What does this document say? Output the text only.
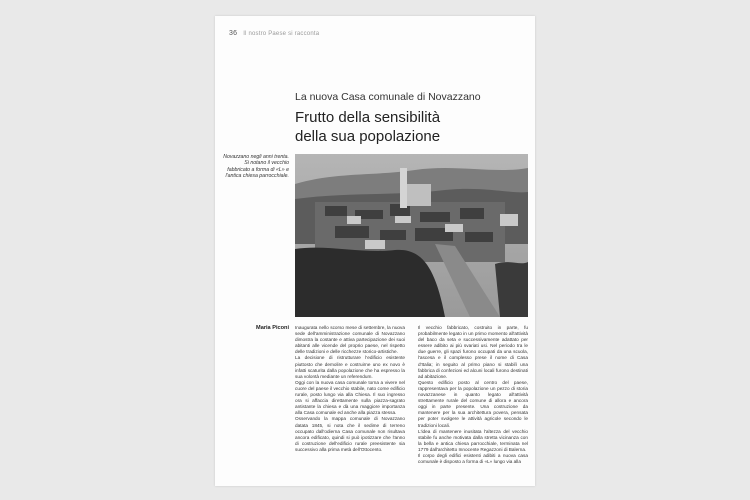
36 Il nostro Paese si racconta
La nuova Casa comunale di Novazzano
Frutto della sensibilità
della sua popolazione
Novazzano negli anni trenta. Si notano il vecchio fabbricato a forma di «L» e l'antica chiesa parrocchiale.
Maria Piconi Inaugurata nello scorso mese di settembre, la nuova sede dell'amministrazione comunale di Novazzano dimostra la costante e attiva partecipazione dei suoi abitanti alle vicende del proprio paese, nel rispetto delle tradizioni e delle ricchezze storico-artistiche.

La decisione di ristrutturare l'edificio esistente piuttosto che demolire e costruirne uno ex novo è infatti scaturita dalla popolazione che ha espresso la sua volontà mediante un referendum.

Oggi con la nuova casa comunale torna a vivere nel cuore del paese il vecchio stabile, nato come edificio rurale, posto lungo via alla Chiesa. Il suo ingresso ora si affaccia direttamente sulla piazza-sagrato antistante la chiesa e dà una maggiore importanza alla Casa comunale ed anche alla piazza stessa.

Osservando la mappa comunale di Novazzano datata 1845, si nota che il sedime di terreno occupato dall'odierna Casa comunale non risultava ancora edificato, quindi si può ipotizzare che l'anno di costruzione dell'edificio rurale preesistente sia successivo alla prima metà dell'Ottocento.

Il vecchio fabbricato, costruito in parte, fu probabilmente legato in un primo momento all'attività del baco da seta e successivamente adattato per essere adibito ai più svariati usi. Nel periodo tra le due guerre, gli spazi furono occupati da una scuola, l'ascesa e il complesso prese il nome di Casa d'Italia; in seguito al primo piano si stabilì una fabbrica di confezioni ed alcuni locali furono destinati ad abitazione.

Questo edificio posto al centro del paese, rappresentava per la popolazione un pezzo di storia novazzanese in quanto legato all'attività strettamente rurale del comune di allora e ancora oggi in parte presente. Una costruzione da mantenere per la sua architettura povera, pensata per poter svolgere le attività agricole secondo le tradizioni locali.

L'idea di mantenere inusitata l'altezza del vecchio stabile fu anche motivata dalla stretta vicinanza con la bella e antica chiesa parrocchiale, terminata nel 1779 dall'architetto Innocente Regazzoni di Balerna.

Il corpo degli edifici esistenti adibiti a nuova casa comunale è disposto a forma di «L» lungo via alla
